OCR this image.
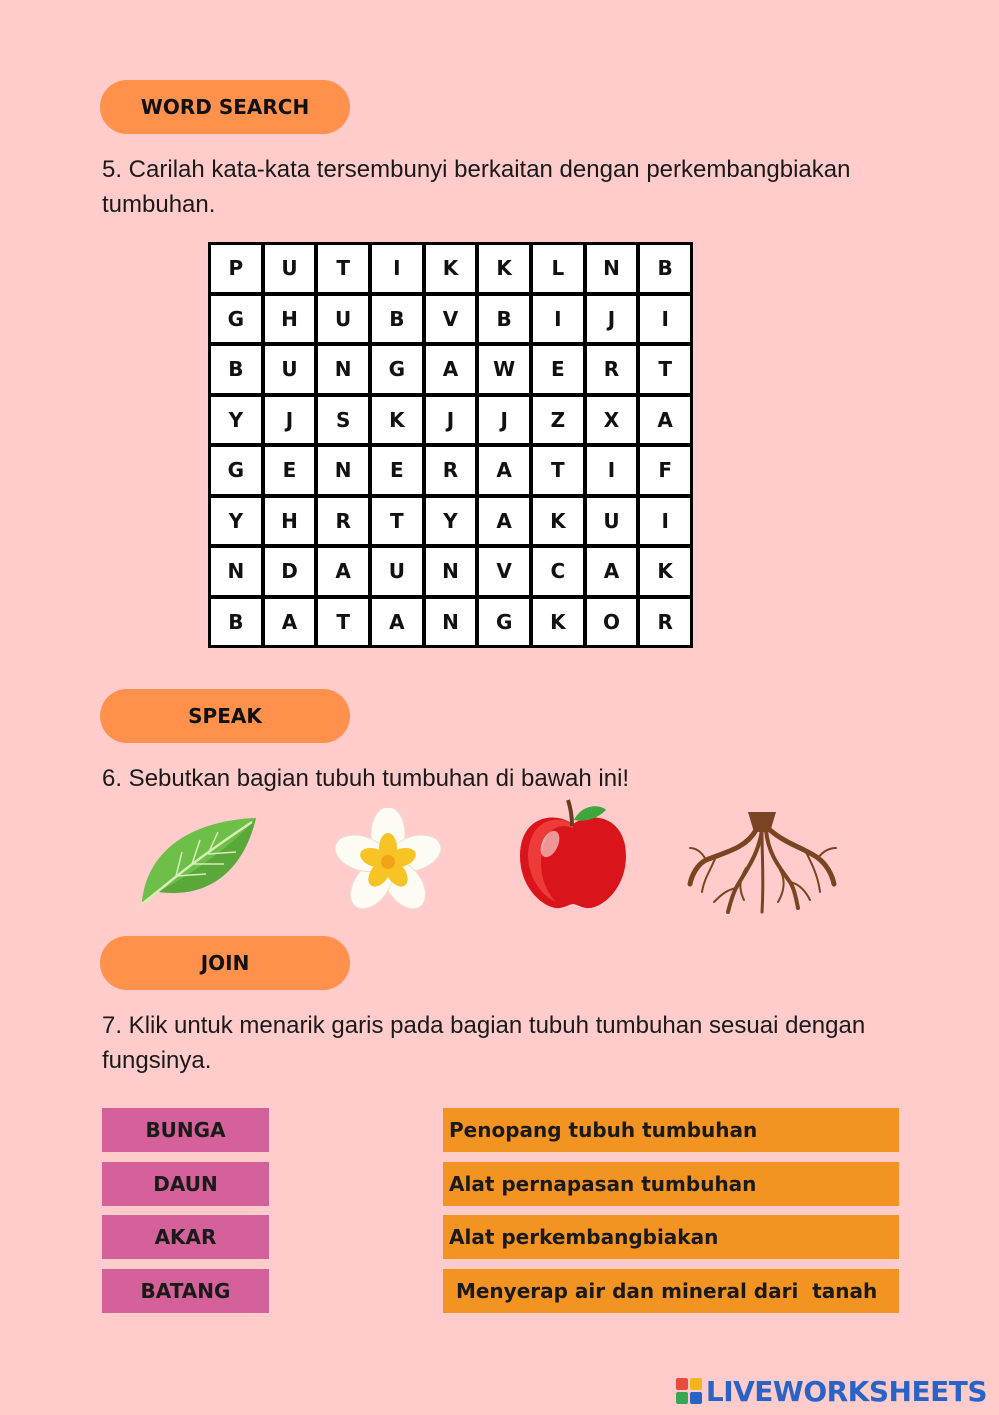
WORD SEARCH
5. Carilah kata-kata tersembunyi berkaitan dengan perkembangbiakan tumbuhan.
P	U	T	I	K	K	L	N	B
G	H	U	B	V	B	I	J	I
B	U	N	G	A	W	E	R	T
Y	J	S	K	J	J	Z	X	A
G	E	N	E	R	A	T	I	F
Y	H	R	T	Y	A	K	U	I
N	D	A	U	N	V	C	A	K
B	A	T	A	N	G	K	O	R
SPEAK
6. Sebutkan bagian tubuh tumbuhan di bawah ini!
JOIN
7. Klik untuk menarik garis pada bagian tubuh tumbuhan sesuai dengan fungsinya.
BUNGA
DAUN
AKAR
BATANG
Penopang tubuh tumbuhan
Alat pernapasan tumbuhan
Alat perkembangbiakan
Menyerap air dan mineral dari  tanah
LIVEWORKSHEETS
